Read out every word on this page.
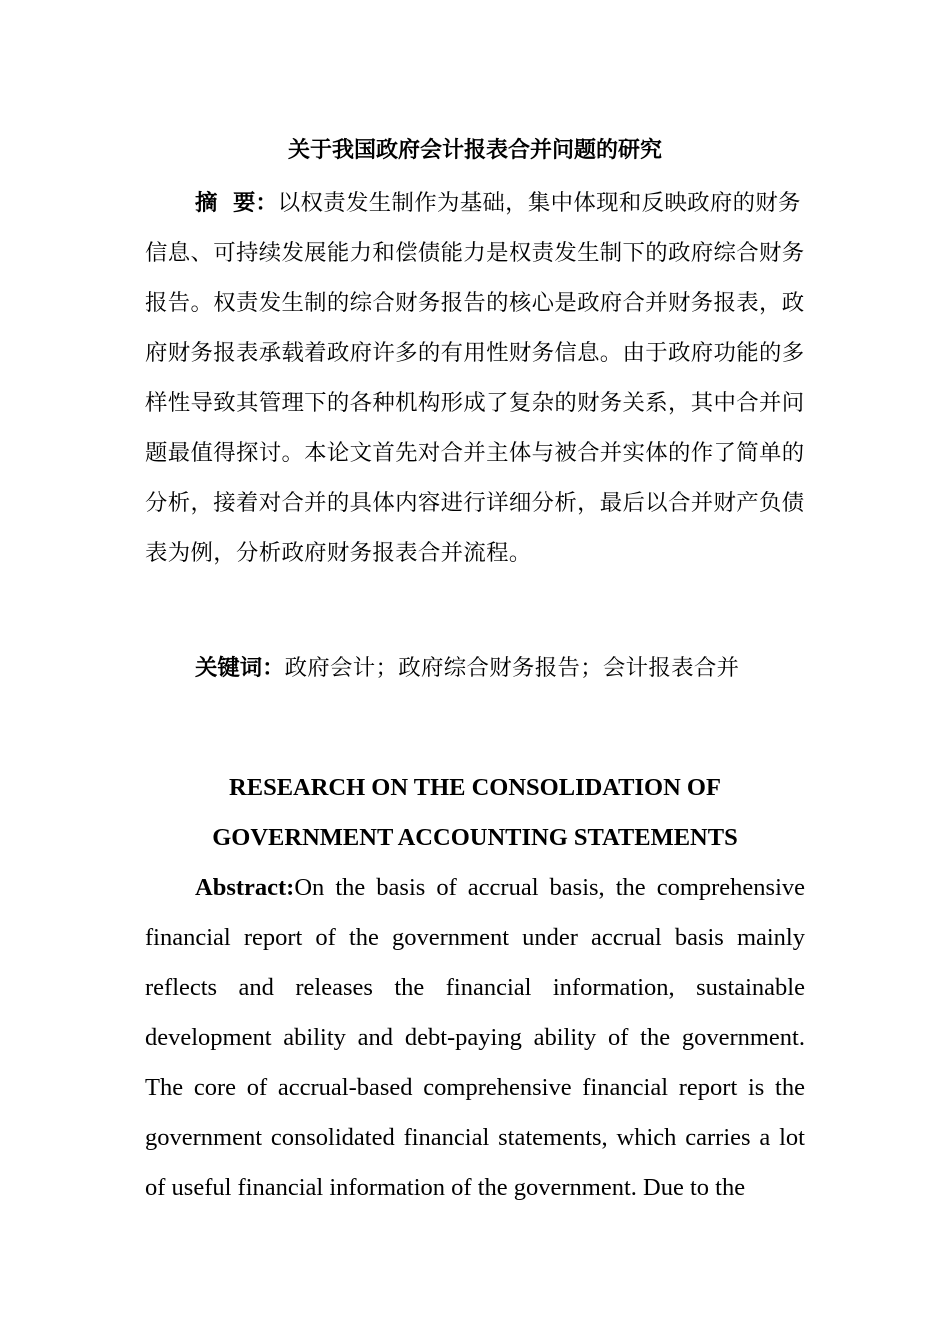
关于我国政府会计报表合并问题的研究

摘  要：以权责发生制作为基础，集中体现和反映政府的财务信息、可持续发展能力和偿债能力是权责发生制下的政府综合财务报告。权责发生制的综合财务报告的核心是政府合并财务报表，政府财务报表承载着政府许多的有用性财务信息。由于政府功能的多样性导致其管理下的各种机构形成了复杂的财务关系，其中合并问题最值得探讨。本论文首先对合并主体与被合并实体的作了简单的分析，接着对合并的具体内容进行详细分析，最后以合并财产负债表为例，分析政府财务报表合并流程。

关键词：政府会计；政府综合财务报告；会计报表合并

RESEARCH ON THE CONSOLIDATION OF
GOVERNMENT ACCOUNTING STATEMENTS

Abstract:On the basis of accrual basis, the comprehensive financial report of the government under accrual basis mainly reflects and releases the financial information, sustainable development ability and debt-paying ability of the government. The core of accrual-based comprehensive financial report is the government consolidated financial statements, which carries a lot of useful financial information of the government. Due to the
